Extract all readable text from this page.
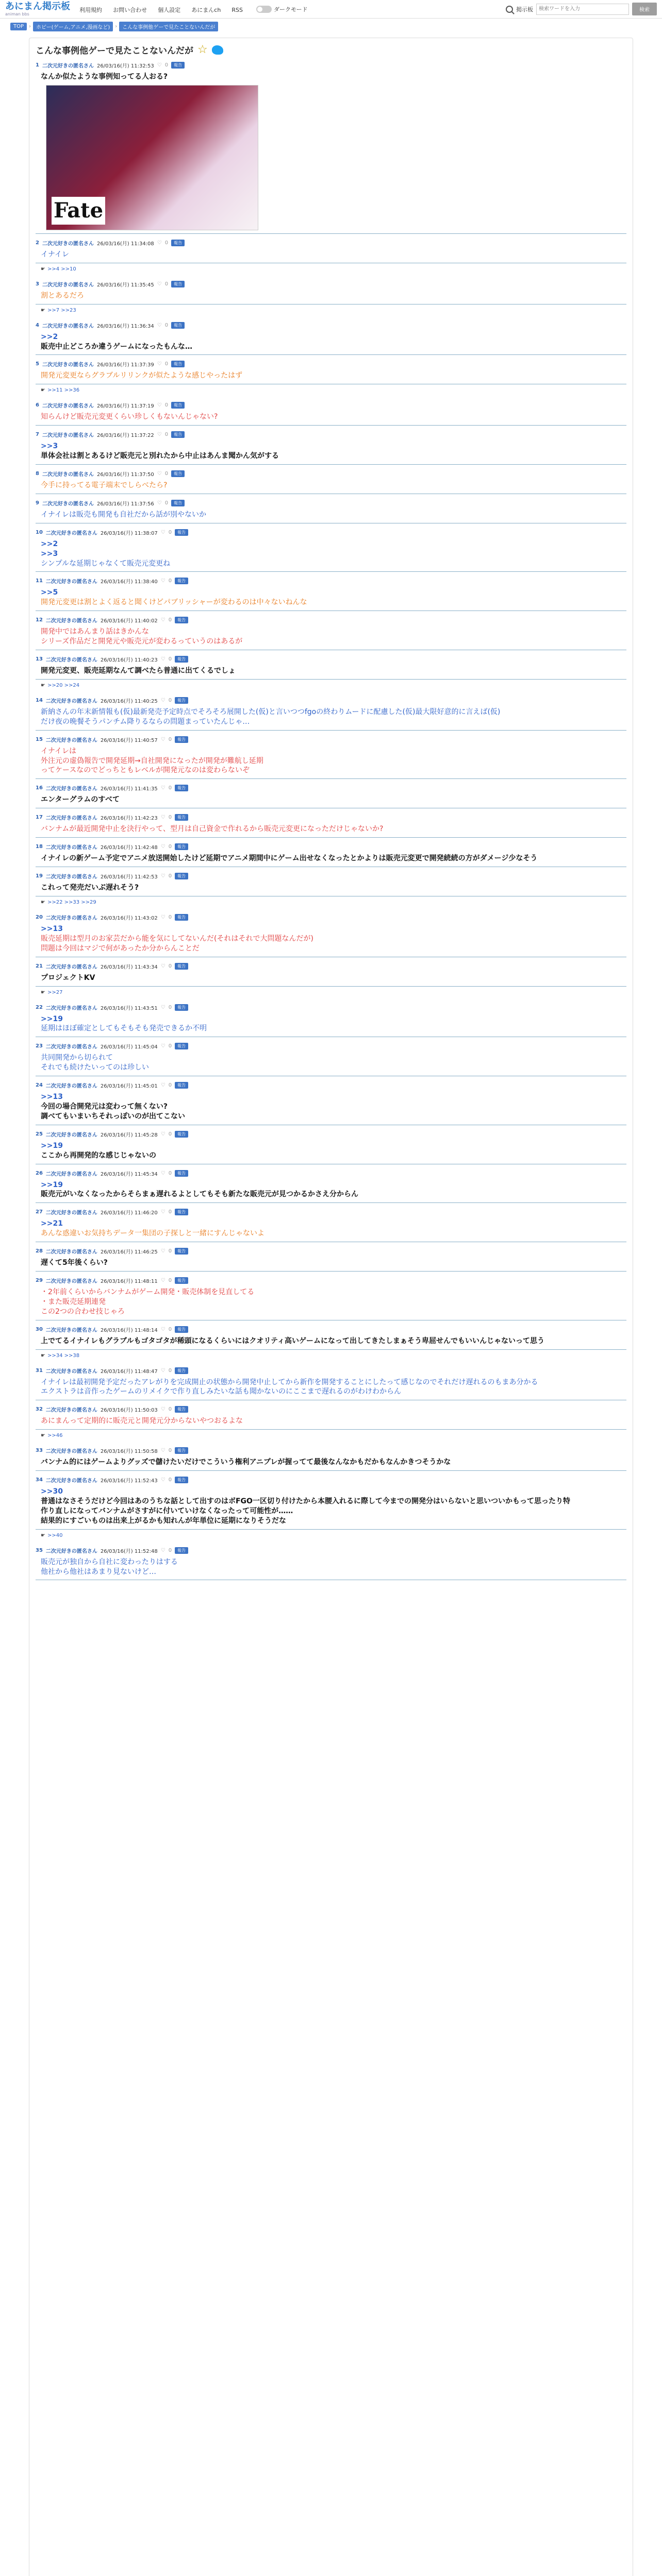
あにまん掲示板
animan bbs
利用規約 お問い合わせ 個人設定 あにまんch RSS	ダークモード	掲示板
検索ワードを入力	検索
TOP	›	ホビー(ゲーム,アニメ,漫画など)	›	こんな事例他ゲーで見たことないんだが
こんな事例他ゲーで見たことないんだが ☆
1 二次元好きの匿名さん 26/03/16(月) 11:32:53 ♡ 0	報告
なんか似たような事例知ってる人おる?
Fate
2 二次元好きの匿名さん 26/03/16(月) 11:34:08 ♡ 0	報告
イナイレ
☛ >>4 >>10
3 二次元好きの匿名さん 26/03/16(月) 11:35:45 ♡ 0	報告
割とあるだろ
☛ >>7 >>23
4 二次元好きの匿名さん 26/03/16(月) 11:36:34 ♡ 0	報告
>>2
販売中止どころか違うゲームになったもんな…
5 二次元好きの匿名さん 26/03/16(月) 11:37:39 ♡ 0	報告
開発元変更ならグラブルリリンクが似たような感じやったはず
☛ >>11 >>36
6 二次元好きの匿名さん 26/03/16(月) 11:37:19 ♡ 0	報告
知らんけど販売元変更くらい珍しくもないんじゃない?
7 二次元好きの匿名さん 26/03/16(月) 11:37:22 ♡ 0	報告
>>3
単体会社は割とあるけど販売元と別れたから中止はあんま聞かん気がする
8 二次元好きの匿名さん 26/03/16(月) 11:37:50 ♡ 0	報告
今手に持ってる電子端末でしらべたら?
9 二次元好きの匿名さん 26/03/16(月) 11:37:56 ♡ 0	報告
イナイレは販売も開発も自社だから話が別やないか
10 二次元好きの匿名さん 26/03/16(月) 11:38:07 ♡ 0	報告
>>2
>>3
シンプルな延期じゃなくて販売元変更ね
11 二次元好きの匿名さん 26/03/16(月) 11:38:40 ♡ 0	報告
>>5
開発元変更は割とよく返ると聞くけどパブリッシャーが変わるのは中々ないねんな
12 二次元好きの匿名さん 26/03/16(月) 11:40:02 ♡ 0	報告
開発中ではあんまり話はきかんな
シリーズ作品だと開発元や販売元が変わるっていうのはあるが
13 二次元好きの匿名さん 26/03/16(月) 11:40:23 ♡ 0	報告
開発元変更、販売延期なんて調べたら普通に出てくるでしょ
☛ >>20 >>24
14 二次元好きの匿名さん 26/03/16(月) 11:40:25 ♡ 0	報告
新納さんの年末新情報も(仮)最新発売予定時点でそろそろ展開した(仮)と言いつつfgoの終わりムードに配慮した(仮)最大限好意的に言えば(仮)
だけ夜の晩餐そうパンチム降りるならの問題まっていたんじゃ…
15 二次元好きの匿名さん 26/03/16(月) 11:40:57 ♡ 0	報告
イナイレは
外注元の虚偽報告で開発延期→自社開発になったが開発が難航し延期
ってケースなのでどっちともレベルが開発元なのは変わらないぞ
16 二次元好きの匿名さん 26/03/16(月) 11:41:35 ♡ 0	報告
エンターグラムのすべて
17 二次元好きの匿名さん 26/03/16(月) 11:42:23 ♡ 0	報告
バンナムが最近開発中止を決行やって、型月は自己資金で作れるから販売元変更になっただけじゃないか?
18 二次元好きの匿名さん 26/03/16(月) 11:42:48 ♡ 0	報告
イナイレの新ゲーム予定でアニメ放送開始したけど延期でアニメ期間中にゲーム出せなくなったとかよりは販売元変更で開発続続の方がダメージ少なそう
19 二次元好きの匿名さん 26/03/16(月) 11:42:53 ♡ 0	報告
これって発売だいぶ遅れそう?
☛ >>22 >>33 >>29
20 二次元好きの匿名さん 26/03/16(月) 11:43:02 ♡ 0	報告
>>13
販売延期は型月のお家芸だから能を気にしてないんだ(それはそれで大問題なんだが)
問題は今回はマジで何があったか分からんことだ
21 二次元好きの匿名さん 26/03/16(月) 11:43:34 ♡ 0	報告
プロジェクトKV
☛ >>27
22 二次元好きの匿名さん 26/03/16(月) 11:43:51 ♡ 0	報告
>>19
延期はほぼ確定としてもそもそも発売できるか不明
23 二次元好きの匿名さん 26/03/16(月) 11:45:04 ♡ 0	報告
共同開発から切られて
それでも続けたいってのは珍しい
24 二次元好きの匿名さん 26/03/16(月) 11:45:01 ♡ 0	報告
>>13
今回の場合開発元は変わって無くない?
調べてもいまいちそれっぽいのが出てこない
25 二次元好きの匿名さん 26/03/16(月) 11:45:28 ♡ 0	報告
>>19
ここから再開発的な感じじゃないの
26 二次元好きの匿名さん 26/03/16(月) 11:45:34 ♡ 0	報告
>>19
販売元がいなくなったからそらまぁ遅れるよとしてもそも新たな販売元が見つかるかさえ分からん
27 二次元好きの匿名さん 26/03/16(月) 11:46:20 ♡ 0	報告
>>21
あんな惑違いお気持ちデータ一集団の子探しと一緒にすんじゃないよ
28 二次元好きの匿名さん 26/03/16(月) 11:46:25 ♡ 0	報告
遅くて5年後くらい?
29 二次元好きの匿名さん 26/03/16(月) 11:48:11 ♡ 0	報告
・2年前くらいからバンナムがゲーム開発・販売体制を見直してる
・また販売延期連発
この2つの合わせ技じゃろ
30 二次元好きの匿名さん 26/03/16(月) 11:48:14 ♡ 0	報告
上でてるイナイレもグラブルもゴタゴタが稀頭になるくらいにはクオリティ高いゲームになって出してきたしまぁそう卑屈せんでもいいんじゃないって思う
☛ >>34 >>38
31 二次元好きの匿名さん 26/03/16(月) 11:48:47 ♡ 0	報告
イナイレは最初開発予定だったアレがりを完成開止の状態から開発中止してから新作を開発することにしたって感じなのでそれだけ遅れるのもまあ分かる
エクストラは音作ったゲームのリメイクで作り直しみたいな話も聞かないのにここまで遅れるのがわけわからん
32 二次元好きの匿名さん 26/03/16(月) 11:50:03 ♡ 0	報告
あにまんって定期的に販売元と開発元分からないやつおるよな
☛ >>46
33 二次元好きの匿名さん 26/03/16(月) 11:50:58 ♡ 0	報告
バンナム的にはゲームよりグッズで儲けたいだけでこういう権利アニプレが握ってて最後なんなかもだかもなんかきつそうかな
34 二次元好きの匿名さん 26/03/16(月) 11:52:43 ♡ 0	報告
>>30
普通はなさそうだけど今回はあのうちな話として出すのはボFGO一区切り付けたから本腰入れるに際して今までの開発分はいらないと思いついかもって思ったり特
作り直しになってバンナムがさすがに付いていけなくなったって可能性が……
結果的にすごいものは出来上がるかも知れんが年単位に延期になりそうだな
☛ >>40
35 二次元好きの匿名さん 26/03/16(月) 11:52:48 ♡ 0	報告
販売元が独自から自社に変わったりはする
他社から他社はあまり見ないけど…
